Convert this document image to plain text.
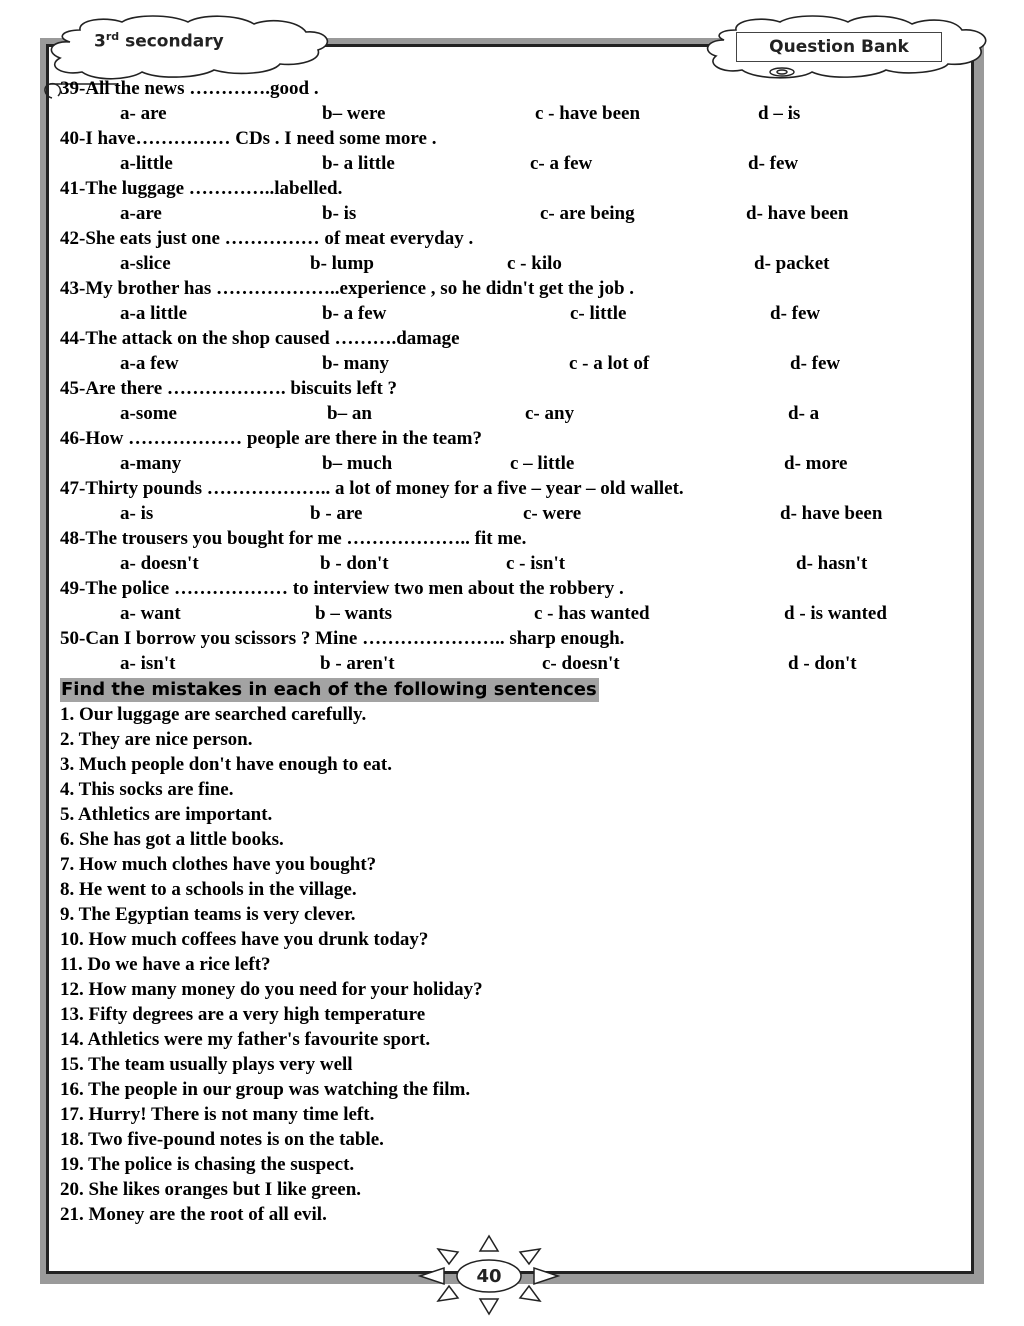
3rd secondary	Question Bank
39-All the news ………….good .
a- are	b– were	c - have been	d – is
40-I have…………… CDs . I need some more .
a-little	b- a little	c- a few	d- few
41-The luggage …………..labelled.
a-are	b- is	c- are being	d- have been
42-She eats just one …………… of meat everyday .
a-slice	b- lump	c - kilo	d- packet
43-My brother has ………………..experience , so he didn't get the job .
a-a little	b- a few	c- little	d- few
44-The attack on the shop caused ……….damage
a-a few	b- many	c - a lot of	d- few
45-Are there ………………. biscuits left ?
a-some	b– an	c- any	d- a
46-How ……………… people are there in the team?
a-many	b– much	c – little	d- more
47-Thirty pounds ……………….. a lot of money for a five – year – old wallet.
a- is	b - are	c- were	d- have been
48-The trousers you bought for me ……………….. fit me.
a- doesn't	b - don't	c - isn't	d- hasn't
49-The police ……………… to interview two men about the robbery .
a- want	b – wants	c - has wanted	d - is wanted
50-Can I borrow you scissors ? Mine ………………….. sharp enough.
a- isn't	b - aren't	c- doesn't	d - don't
Find the mistakes in each of the following sentences
1. Our luggage are searched carefully.
2. They are nice person.
3. Much people don't have enough to eat.
4. This socks are fine.
5. Athletics are important.
6. She has got a little books.
7. How much clothes have you bought?
8. He went to a schools in the village.
9. The Egyptian teams is very clever.
10. How much coffees have you drunk today?
11. Do we have a rice left?
12. How many money do you need for your holiday?
13. Fifty degrees are a very high temperature
14. Athletics were my father's favourite sport.
15. The team usually plays very well
16. The people in our group was watching the film.
17. Hurry! There is not many time left.
18. Two five-pound notes is on the table.
19. The police is chasing the suspect.
20. She likes oranges but I like green.
21. Money are the root of all evil.
40
